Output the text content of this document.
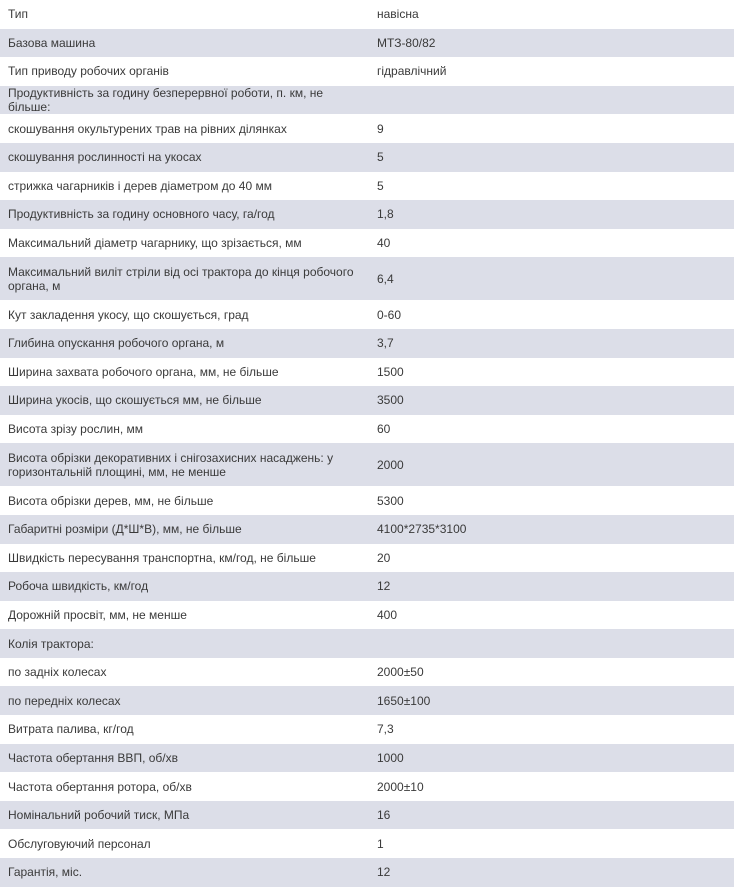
Тип	навісна
Базова машина	МТЗ-80/82
Тип приводу робочих органів	гідравлічний
Продуктивність за годину безперервної роботи, п. км, не більше:	
скошування окультурених трав на рівних ділянках	9
скошування рослинності на укосах	5
стрижка чагарників і дерев діаметром до 40 мм	5
Продуктивність за годину основного часу, га/год	1,8
Максимальний діаметр чагарнику, що зрізається, мм	40
Максимальний виліт стріли від осі трактора до кінця робочого органа, м	6,4
Кут закладення укосу, що скошується, град	0-60
Глибина опускання робочого органа, м	3,7
Ширина захвата робочого органа, мм, не більше	1500
Ширина укосів, що скошується мм, не більше	3500
Висота зрізу рослин, мм	60
Висота обрізки декоративних і снігозахисних насаджень: у горизонтальній площині, мм, не менше	2000
Висота обрізки дерев, мм, не більше	5300
Габаритні розміри (Д*Ш*В), мм, не більше	4100*2735*3100
Швидкість пересування транспортна, км/год, не більше	20
Робоча швидкість, км/год	12
Дорожній просвіт, мм, не менше	400
Колія трактора:	
по задніх колесах	2000±50
по передніх колесах	1650±100
Витрата палива, кг/год	7,3
Частота обертання ВВП, об/хв	1000
Частота обертання ротора, об/хв	2000±10
Номінальний робочий тиск, МПа	16
Обслуговуючий персонал	1
Гарантія, міс.	12
